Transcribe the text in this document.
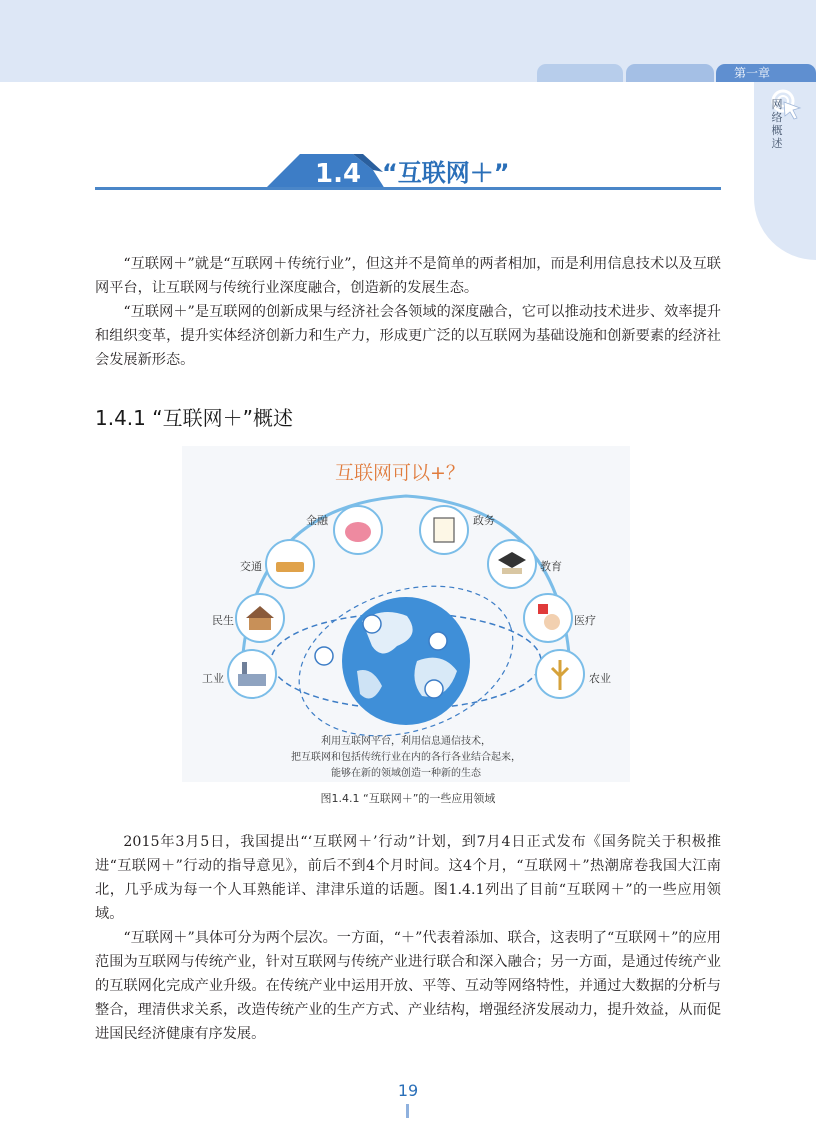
第一章
网络概述
1.4 “互联网＋”

“互联网＋”就是“互联网＋传统行业”，但这并不是简单的两者相加，而是利用信息技术以及互联网平台，让互联网与传统行业深度融合，创造新的发展生态。

“互联网＋”是互联网的创新成果与经济社会各领域的深度融合，它可以推动技术进步、效率提升和组织变革，提升实体经济创新力和生产力，形成更广泛的以互联网为基础设施和创新要素的经济社会发展新形态。

1.4.1 “互联网＋”概述
互联网可以+？
金融	政务
交通	教育
民生	医疗
工业	农业
利用互联网平台，利用信息通信技术，
把互联网和包括传统行业在内的各行各业结合起来，
能够在新的领域创造一种新的生态
图1.4.1 “互联网＋”的一些应用领域

2015年3月5日，我国提出“‘互联网＋’行动”计划，到7月4日正式发布《国务院关于积极推进“互联网＋”行动的指导意见》，前后不到4个月时间。这4个月，“互联网＋”热潮席卷我国大江南北，几乎成为每一个人耳熟能详、津津乐道的话题。图1.4.1列出了目前“互联网＋”的一些应用领域。

“互联网＋”具体可分为两个层次。一方面，“＋”代表着添加、联合，这表明了“互联网＋”的应用范围为互联网与传统产业，针对互联网与传统产业进行联合和深入融合；另一方面，是通过传统产业的互联网化完成产业升级。在传统产业中运用开放、平等、互动等网络特性，并通过大数据的分析与整合，理清供求关系，改造传统产业的生产方式、产业结构，增强经济发展动力，提升效益，从而促进国民经济健康有序发展。

19
